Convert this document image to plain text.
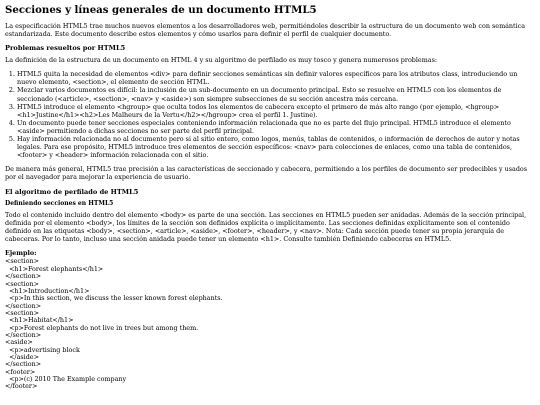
Secciones y líneas generales de un documento HTML5

La especificación HTML5 trae muchos nuevos elementos a los desarrolladores web, permitiéndoles describir la estructura de un documento web con semántica estandarizada. Este documento describe estos elementos y cómo usarlos para definir el perfil de cualquier documento.

Problemas resueltos por HTML5

La definición de la estructura de un documento en HTML 4 y su algoritmo de perfilado es muy tosco y genera numerosos problemas:

1. HTML5 quita la necesidad de elementos <div> para definir secciones semánticas sin definir valores específicos para los atributos class, introduciendo un nuevo elemento, <section>, el elemento de sección HTML.
2. Mezclar varios documentos es difícil: la inclusión de un sub-documento en un documento principal. Esto se resuelve en HTML5 con los elementos de seccionado (<article>, <section>, <nav> y <aside>) son siempre subsecciones de su sección ancestra más cercana.
3. HTML5 introduce el elemento <hgroup> que oculta todos los elementos de cabecera excepto el primero de más alto rango (por ejemplo, <hgroup> <h1>Justine</h1><h2>Les Malheurs de la Vertu</h2></hgroup> crea el perfil 1. Justine).
4. Un documento puede tener secciones especiales conteniendo información relacionada que no es parte del flujo principal. HTML5 introduce el elemento <aside> permitiendo a dichas secciones no ser parte del perfil principal.
5. Hay información relacionada no al documento pero si al sitio entero, como logos, menús, tablas de contenidos, o información de derechos de autor y notas legales. Para ese propósito, HTML5 introduce tres elementos de sección específicos: <nav> para colecciones de enlaces, como una tabla de contenidos, <footer> y <header> información relacionada con el sitio.

De manera más general, HTML5 trae precisión a las características de seccionado y cabecera, permitiendo a los perfiles de documento ser predecibles y usados por el navegador para mejorar la experiencia de usuario.

El algoritmo de perfilado de HTML5
Definiendo secciones en HTML5

Todo el contenido incluido dentro del elemento <body> es parte de una sección. Las secciones en HTML5 pueden ser anidadas. Además de la sección principal, definida por el elemento <body>, los límites de la sección son definidos explícita o implícitamente. Las secciones definidas explícitamente son el contenido definido en las etiquetas <body>, <section>, <article>, <aside>, <footer>, <header>, y <nav>. Nota: Cada sección puede tener su propia jerarquía de cabeceras. Por lo tanto, incluso una sección anidada puede tener un elemento <h1>. Consulte también Definiendo cabeceras en HTML5.

Ejemplo:
<section>
<h1>Forest elephants</h1>
</section>
<section>
<h1>Introduction</h1>
<p>In this section, we discuss the lesser known forest elephants.
</section>
<section>
<h1>Habitat</h1>
<p>Forest elephants do not live in trees but among them.
</section>
<aside>
<p>advertising block
</aside>
</section>
<footer>
<p>(c) 2010 The Example company
</footer>
